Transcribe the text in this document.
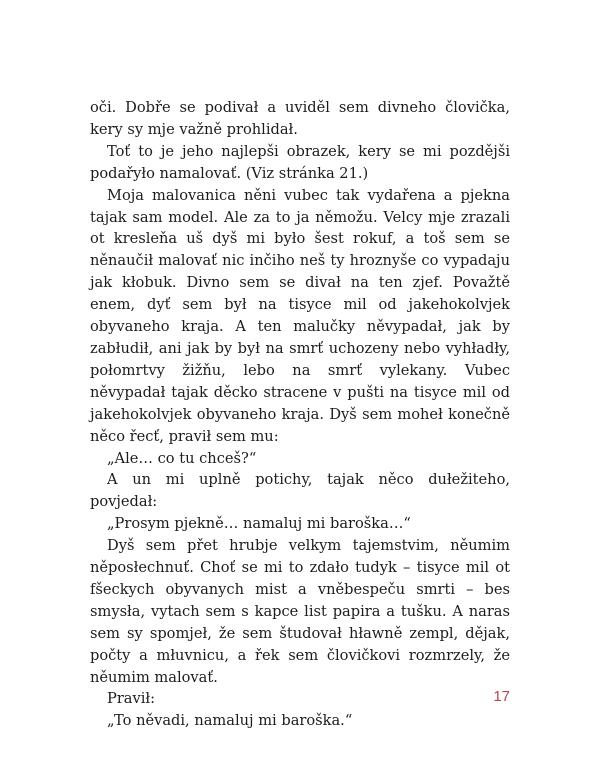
oči. Dobře se podivał a uviděl sem divneho človička, kery sy mje važně prohlidał.

Toť to je jeho najlepši obrazek, kery se mi pozdějši podařyło namalovať. (Viz stránka 21.)

Moja malovanica něni vubec tak vydařena a pjekna tajak sam model. Ale za to ja němožu. Velcy mje zrazali ot kresleňa uš dyš mi było šest rokuf, a toš sem se něnaučił malovať nic inčiho neš ty hroznyše co vypadaju jak kłobuk. Divno sem se divał na ten zjef. Považtě enem, dyť sem był na tisyce mil od jakehokolvjek obyvaneho kraja. A ten malučky něvypadał, jak by zabłudił, ani jak by był na smrť uchozeny nebo vyhładły, połomrtvy žižňu, lebo na smrť vylekany. Vubec něvypadał tajak děcko stracene v pušti na tisyce mil od jakehokolvjek obyvaneho kraja. Dyš sem moheł konečně něco řecť, pravił sem mu:

„Ale… co tu chceš?“

A un mi uplně potichy, tajak něco dułežiteho, povjedał:

„Prosym pjekně… namaluj mi baroška…“

Dyš sem přet hrubje velkym tajemstvim, něumim něposłechnuť. Choť se mi to zdało tudyk – tisyce mil ot fšeckych obyvanych mist a vněbespeču smrti – bes smysła, vytach sem s kapce list papira a tušku. A naras sem sy spomjeł, že sem študovał hławně zempl, dějak, počty a młuvnicu, a řek sem človičkovi rozmrzely, že něumim malovať.

Pravił:

„To něvadi, namaluj mi baroška.“

17
